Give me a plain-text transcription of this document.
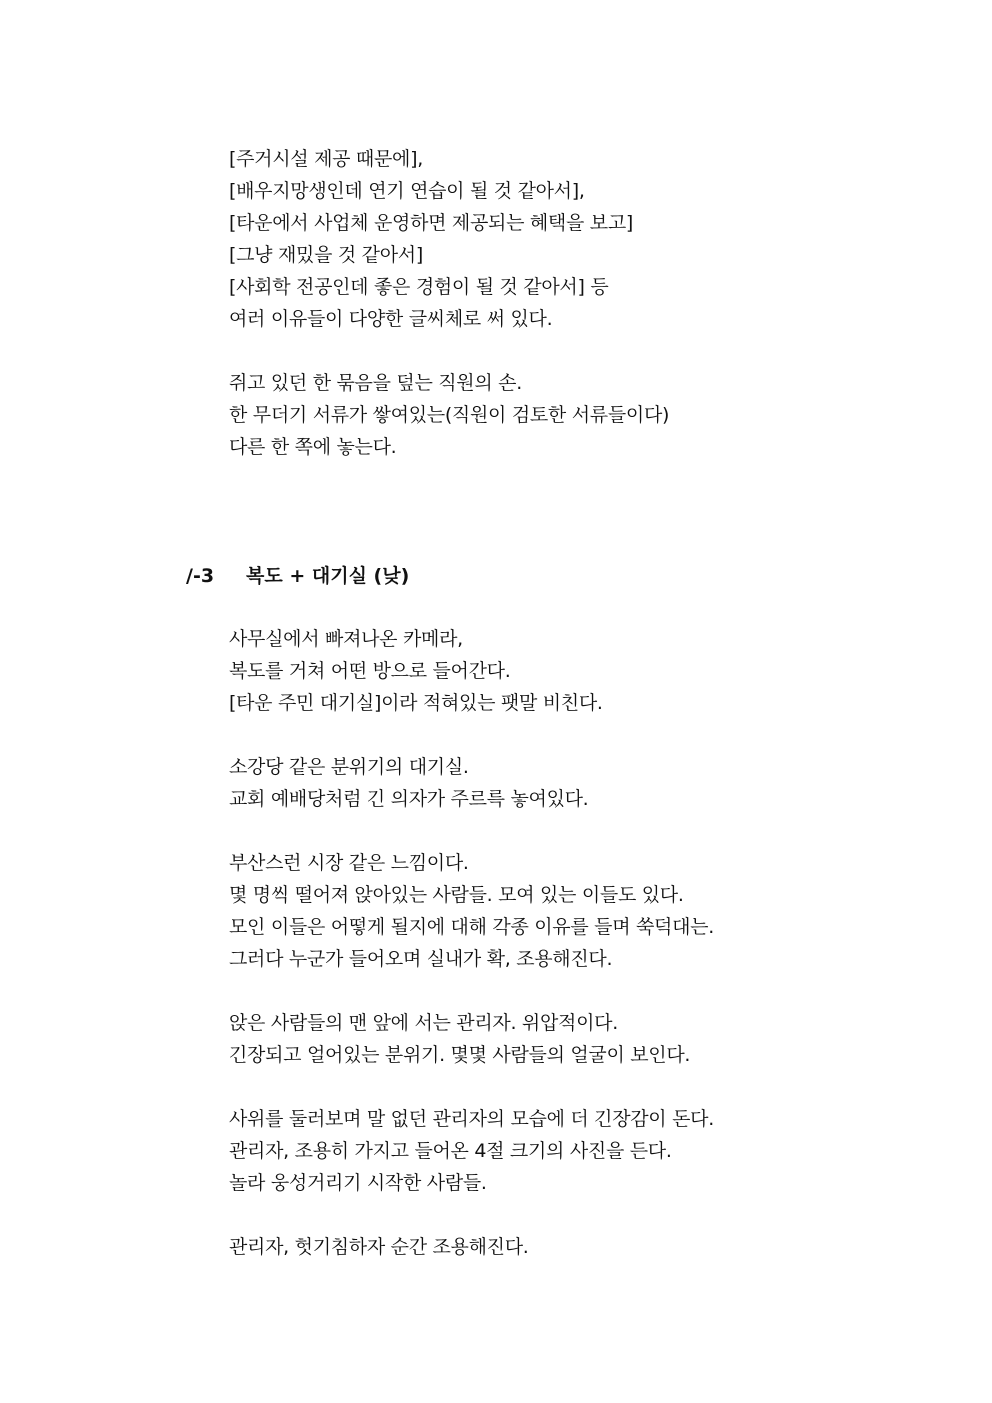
[주거시설 제공 때문에],
[배우지망생인데 연기 연습이 될 것 같아서],
[타운에서 사업체 운영하면 제공되는 혜택을 보고]
[그냥 재밌을 것 같아서]
[사회학 전공인데 좋은 경험이 될 것 같아서] 등
여러 이유들이 다양한 글씨체로 써 있다.
쥐고 있던 한 묶음을 덮는 직원의 손.
한 무더기 서류가 쌓여있는(직원이 검토한 서류들이다)
다른 한 쪽에 놓는다.
/-3 복도 + 대기실 (낮)
사무실에서 빠져나온 카메라,
복도를 거쳐 어떤 방으로 들어간다.
[타운 주민 대기실]이라 적혀있는 팻말 비친다.
소강당 같은 분위기의 대기실.
교회 예배당처럼 긴 의자가 주르륵 놓여있다.
부산스런 시장 같은 느낌이다.
몇 명씩 떨어져 앉아있는 사람들. 모여 있는 이들도 있다.
모인 이들은 어떻게 될지에 대해 각종 이유를 들며 쑥덕대는.
그러다 누군가 들어오며 실내가 확, 조용해진다.
앉은 사람들의 맨 앞에 서는 관리자. 위압적이다.
긴장되고 얼어있는 분위기. 몇몇 사람들의 얼굴이 보인다.
사위를 둘러보며 말 없던 관리자의 모습에 더 긴장감이 돈다.
관리자, 조용히 가지고 들어온 4절 크기의 사진을 든다.
놀라 웅성거리기 시작한 사람들.
관리자, 헛기침하자 순간 조용해진다.
